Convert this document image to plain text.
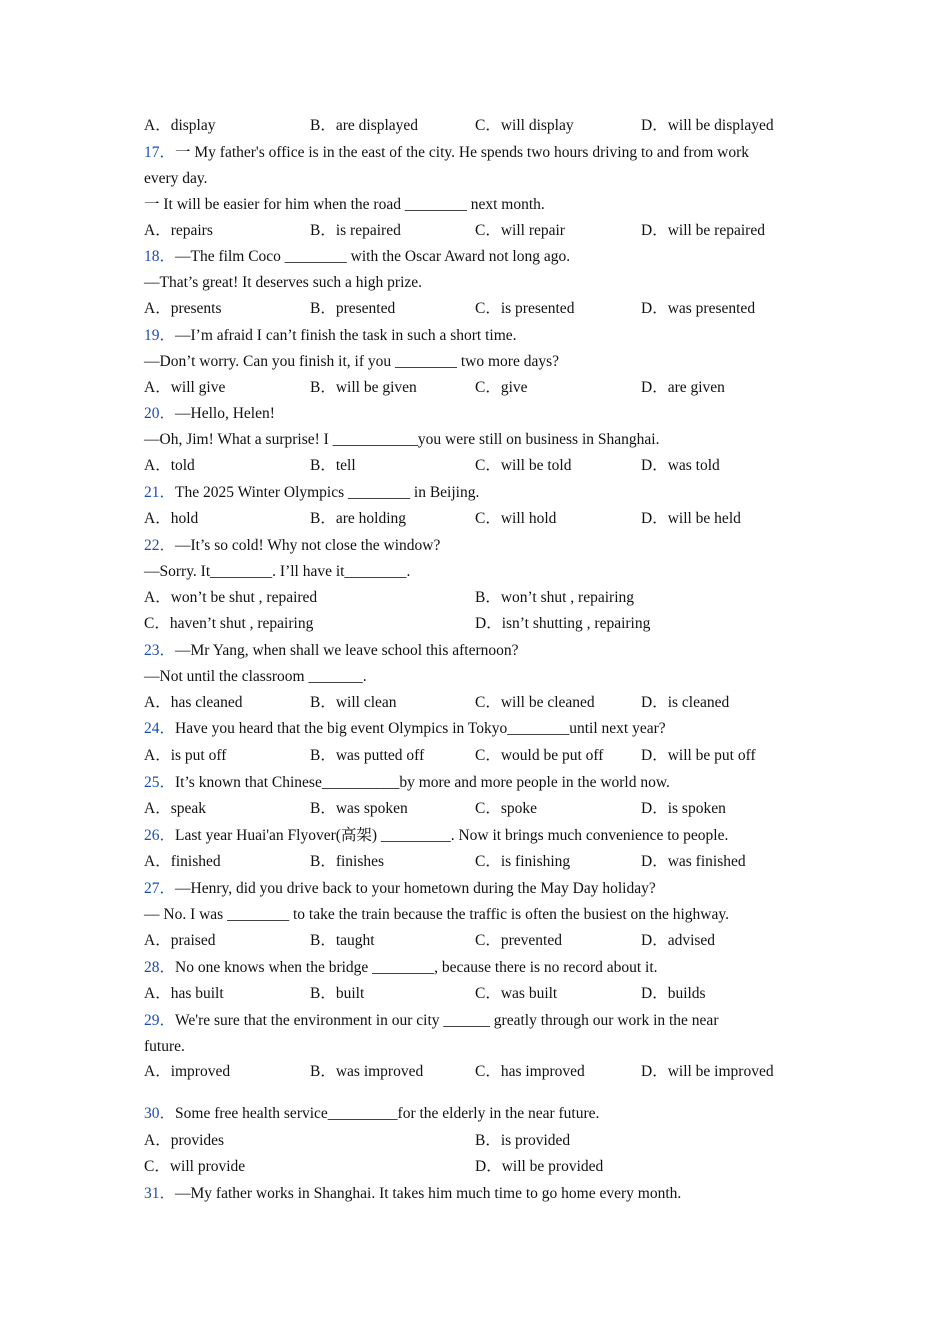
A．display	B．are displayed	C．will display	D．will be displayed
17．一 My father's office is in the east of the city. He spends two hours driving to and from work
every day.
一 It will be easier for him when the road ________ next month.
A．repairs	B．is repaired	C．will repair	D．will be repaired
18．—The film Coco ________ with the Oscar Award not long ago.
—That’s great! It deserves such a high prize.
A．presents	B．presented	C．is presented	D．was presented
19．—I’m afraid I can’t finish the task in such a short time.
—Don’t worry. Can you finish it, if you ________ two more days?
A．will give	B．will be given	C．give	D．are given
20．—Hello, Helen!
—Oh, Jim! What a surprise! I ___________you were still on business in Shanghai.
A．told	B．tell	C．will be told	D．was told
21．The 2025 Winter Olympics ________ in Beijing.
A．hold	B．are holding	C．will hold	D．will be held
22．—It’s so cold! Why not close the window?
—Sorry. It________. I’ll have it________.
A．won’t be shut , repaired	B．won’t shut , repairing
C．haven’t shut , repairing	D．isn’t shutting , repairing
23．—Mr Yang, when shall we leave school this afternoon?
—Not until the classroom _______.
A．has cleaned	B．will clean	C．will be cleaned	D．is cleaned
24．Have you heard that the big event Olympics in Tokyo________until next year?
A．is put off	B．was putted off	C．would be put off D．will be put off
25．It’s known that Chinese__________by more and more people in the world now.
A．speak	B．was spoken	C．spoke	D．is spoken
26．Last year Huai'an Flyover(高架) _________. Now it brings much convenience to people.
A．finished	B．finishes	C．is finishing	D．was finished
27．—Henry, did you drive back to your hometown during the May Day holiday?
— No. I was ________ to take the train because the traffic is often the busiest on the highway.
A．praised	B．taught	C．prevented	D．advised
28．No one knows when the bridge ________, because there is no record about it.
A．has built	B．built	C．was built	D．builds
29．We're sure that the environment in our city ______ greatly through our work in the near
future.
A．improved	B．was improved	C．has improved	D．will be improved
30．Some free health service_________for the elderly in the near future.
A．provides	B．is provided
C．will provide	D．will be provided
31．—My father works in Shanghai. It takes him much time to go home every month.
